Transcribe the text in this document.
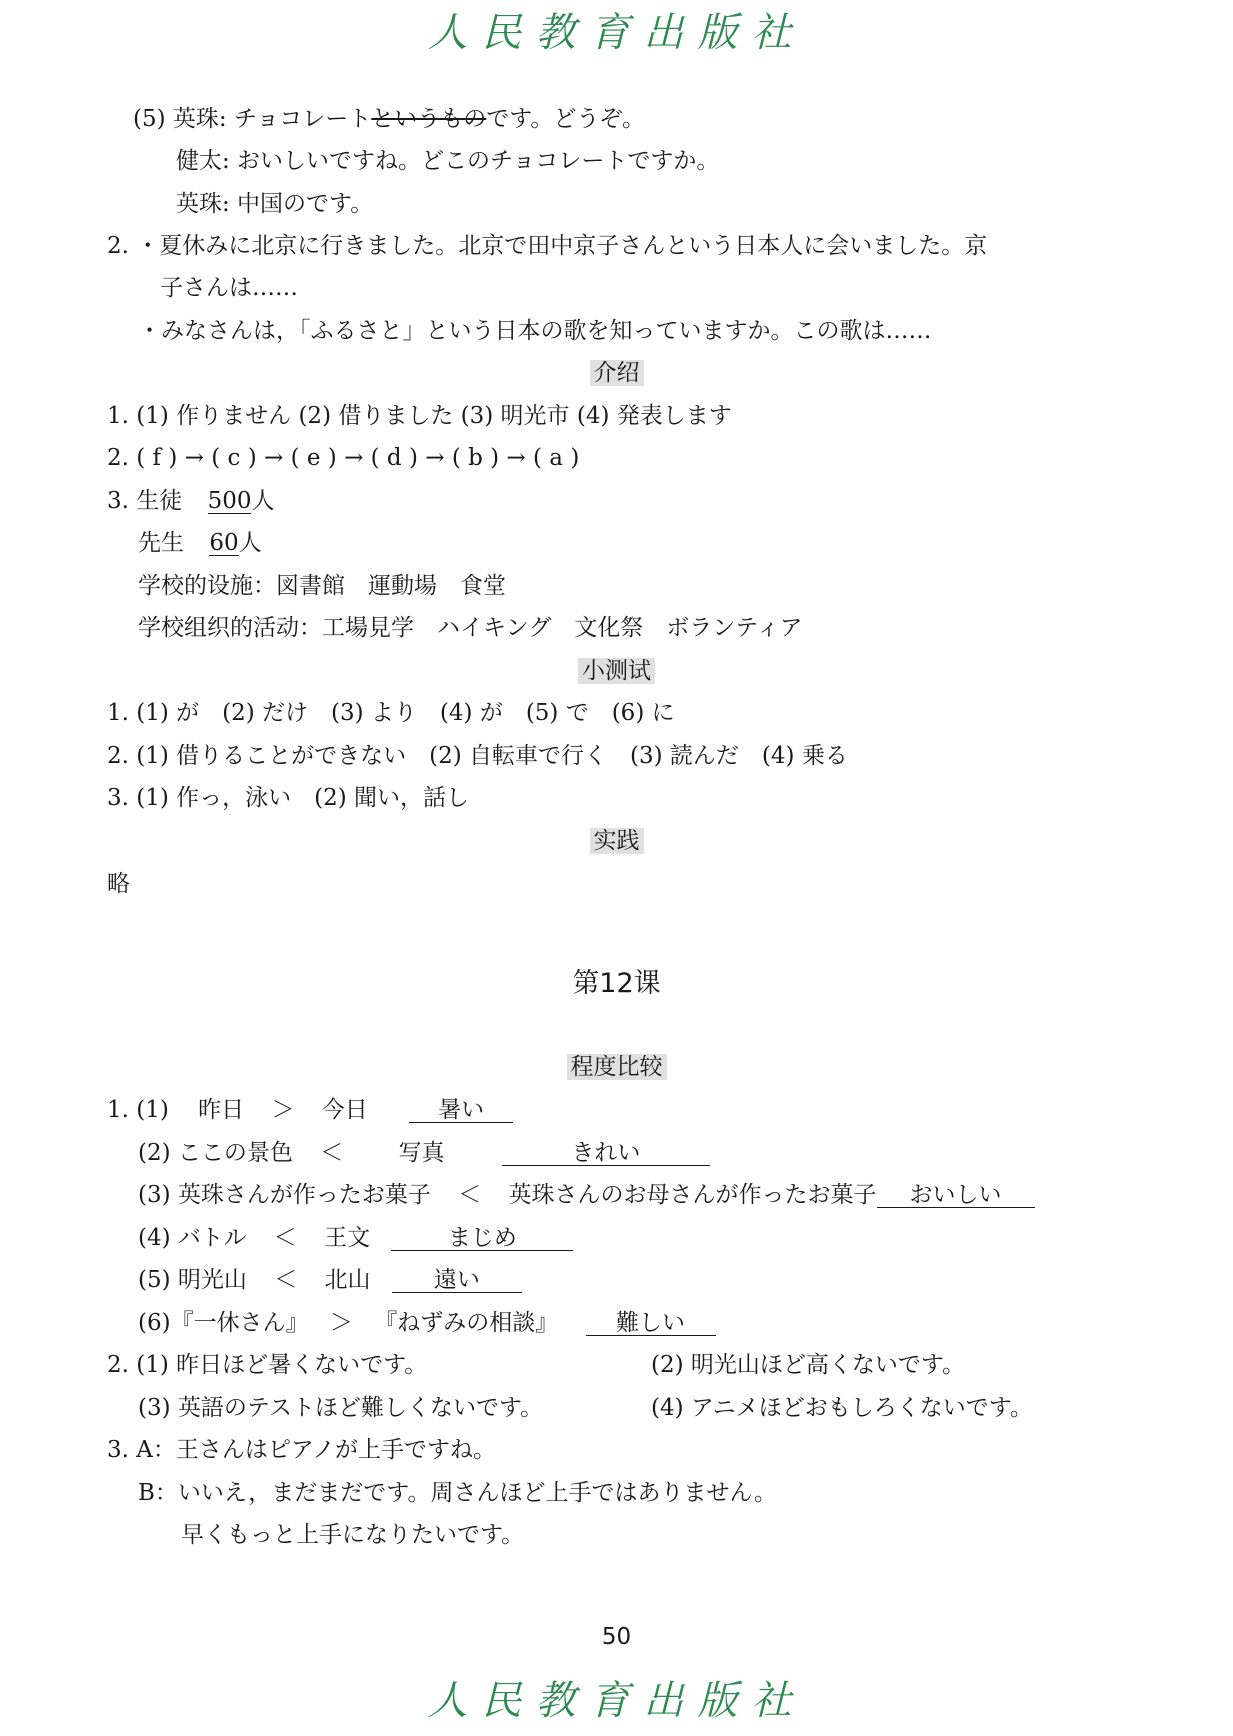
人民教育出版社
(5) 英珠: チョコレートというものです。どうぞ。
健太: おいしいですね。どこのチョコレートですか。
英珠: 中国のです。
2. ・夏休みに北京に行きました。北京で田中京子さんという日本人に会いました。京
子さんは……
・みなさんは，「ふるさと」という日本の歌を知っていますか。この歌は……
介绍
1. (1) 作りません (2) 借りました (3) 明光市 (4) 発表します
2. ( f ) → ( c ) → ( e ) → ( d ) → ( b ) → ( a )
3. 生徒 500人
先生 60人
学校的设施：図書館　運動場　食堂
学校组织的活动：工場見学　ハイキング　文化祭　ボランティア
小测试
1. (1) が　(2) だけ　(3) より　(4) が　(5) で　(6) に
2. (1) 借りることができない　(2) 自転車で行く　(3) 読んだ　(4) 乗る
3. (1) 作っ，泳い　(2) 聞い，話し
实践
略
第12课
程度比较
1. (1) 昨日 ＞ 今日	暑い
(2) ここの景色 ＜ 写真	きれい
(3) 英珠さんが作ったお菓子 ＜ 英珠さんのお母さんが作ったお菓子 おいしい
(4) バトル ＜ 王文	まじめ
(5) 明光山 ＜ 北山	遠い
(6)『一休さん』 ＞ 『ねずみの相談』	難しい
2. (1) 昨日ほど暑くないです。	(2) 明光山ほど高くないです。
(3) 英語のテストほど難しくないです。	(4) アニメほどおもしろくないです。
3. A：王さんはピアノが上手ですね。
B：いいえ，まだまだです。周さんほど上手ではありません。
早くもっと上手になりたいです。
50
人民教育出版社
